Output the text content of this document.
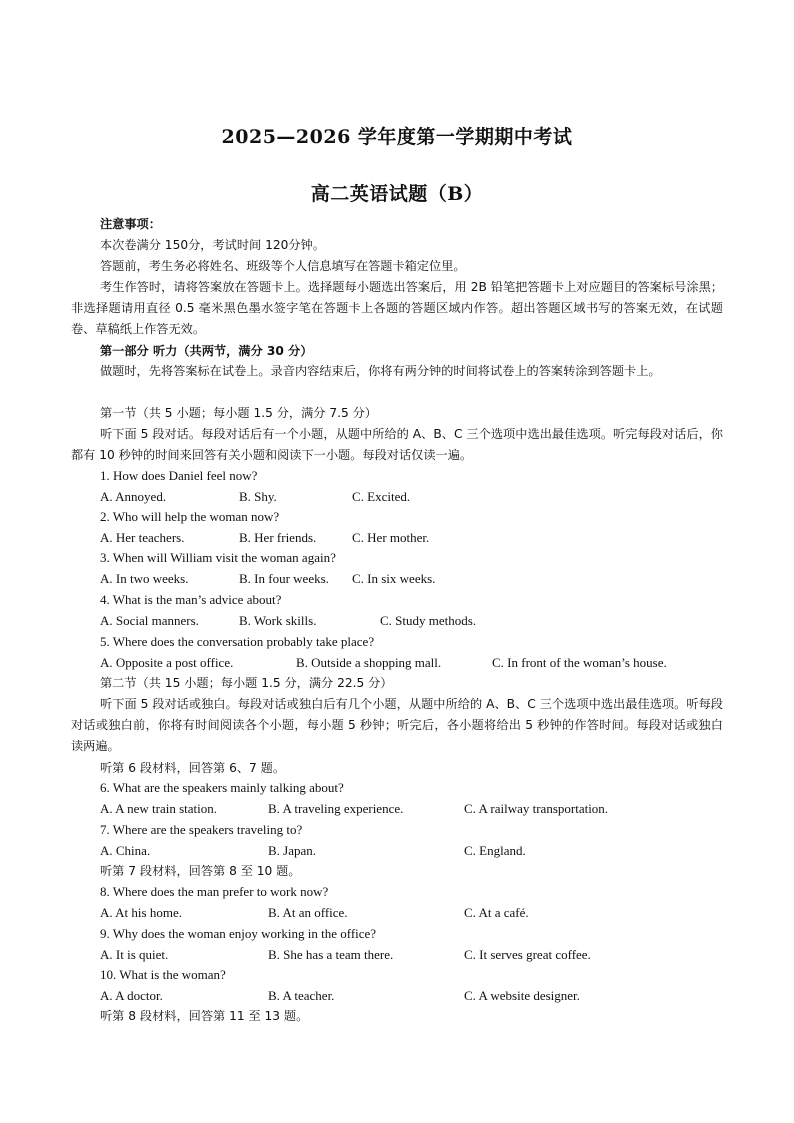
2025—2026 学年度第一学期期中考试
高二英语试题（B）
注意事项：
本次卷满分 150分，考试时间 120分钟。
答题前，考生务必将姓名、班级等个人信息填写在答题卡箱定位里。
考生作答时，请将答案放在答题卡上。选择题每小题选出答案后，用 2B 铅笔把答题卡上对应题目的答案标号涂黑；非选择题请用直径 0.5 毫米黑色墨水签字笔在答题卡上各题的答题区域内作答。超出答题区域书写的答案无效，在试题卷、草稿纸上作答无效。
第一部分 听力（共两节，满分 30 分）
做题时，先将答案标在试卷上。录音内容结束后，你将有两分钟的时间将试卷上的答案转涂到答题卡上。
第一节（共 5 小题；每小题 1.5 分，满分 7.5 分）
听下面 5 段对话。每段对话后有一个小题，从题中所给的 A、B、C 三个选项中选出最佳选项。听完每段对话后，你都有 10 秒钟的时间来回答有关小题和阅读下一小题。每段对话仅读一遍。
1. How does Daniel feel now?
A. Annoyed.	B. Shy.	C. Excited.
2. Who will help the woman now?
A. Her teachers.	B. Her friends.	C. Her mother.
3. When will William visit the woman again?
A. In two weeks.	B. In four weeks. C. In six weeks.
4. What is the man’s advice about?
A. Social manners.	B. Work skills.	C. Study methods.
5. Where does the conversation probably take place?
A. Opposite a post office.	B. Outside a shopping mall.	C. In front of the woman’s house.
第二节（共 15 小题；每小题 1.5 分，满分 22.5 分）
听下面 5 段对话或独白。每段对话或独白后有几个小题，从题中所给的 A、B、C 三个选项中选出最佳选项。听每段对话或独白前，你将有时间阅读各个小题，每小题 5 秒钟；听完后，各小题将给出 5 秒钟的作答时间。每段对话或独白读两遍。
听第 6 段材料，回答第 6、7 题。
6. What are the speakers mainly talking about?
A. A new train station.	B. A traveling experience.	C. A railway transportation.
7. Where are the speakers traveling to?
A. China.	B. Japan.	C. England.
听第 7 段材料，回答第 8 至 10 题。
8. Where does the man prefer to work now?
A. At his home.	B. At an office.	C. At a café.
9. Why does the woman enjoy working in the office?
A. It is quiet.	B. She has a team there.	C. It serves great coffee.
10. What is the woman?
A. A doctor.	B. A teacher.	C. A website designer.
听第 8 段材料，回答第 11 至 13 题。
